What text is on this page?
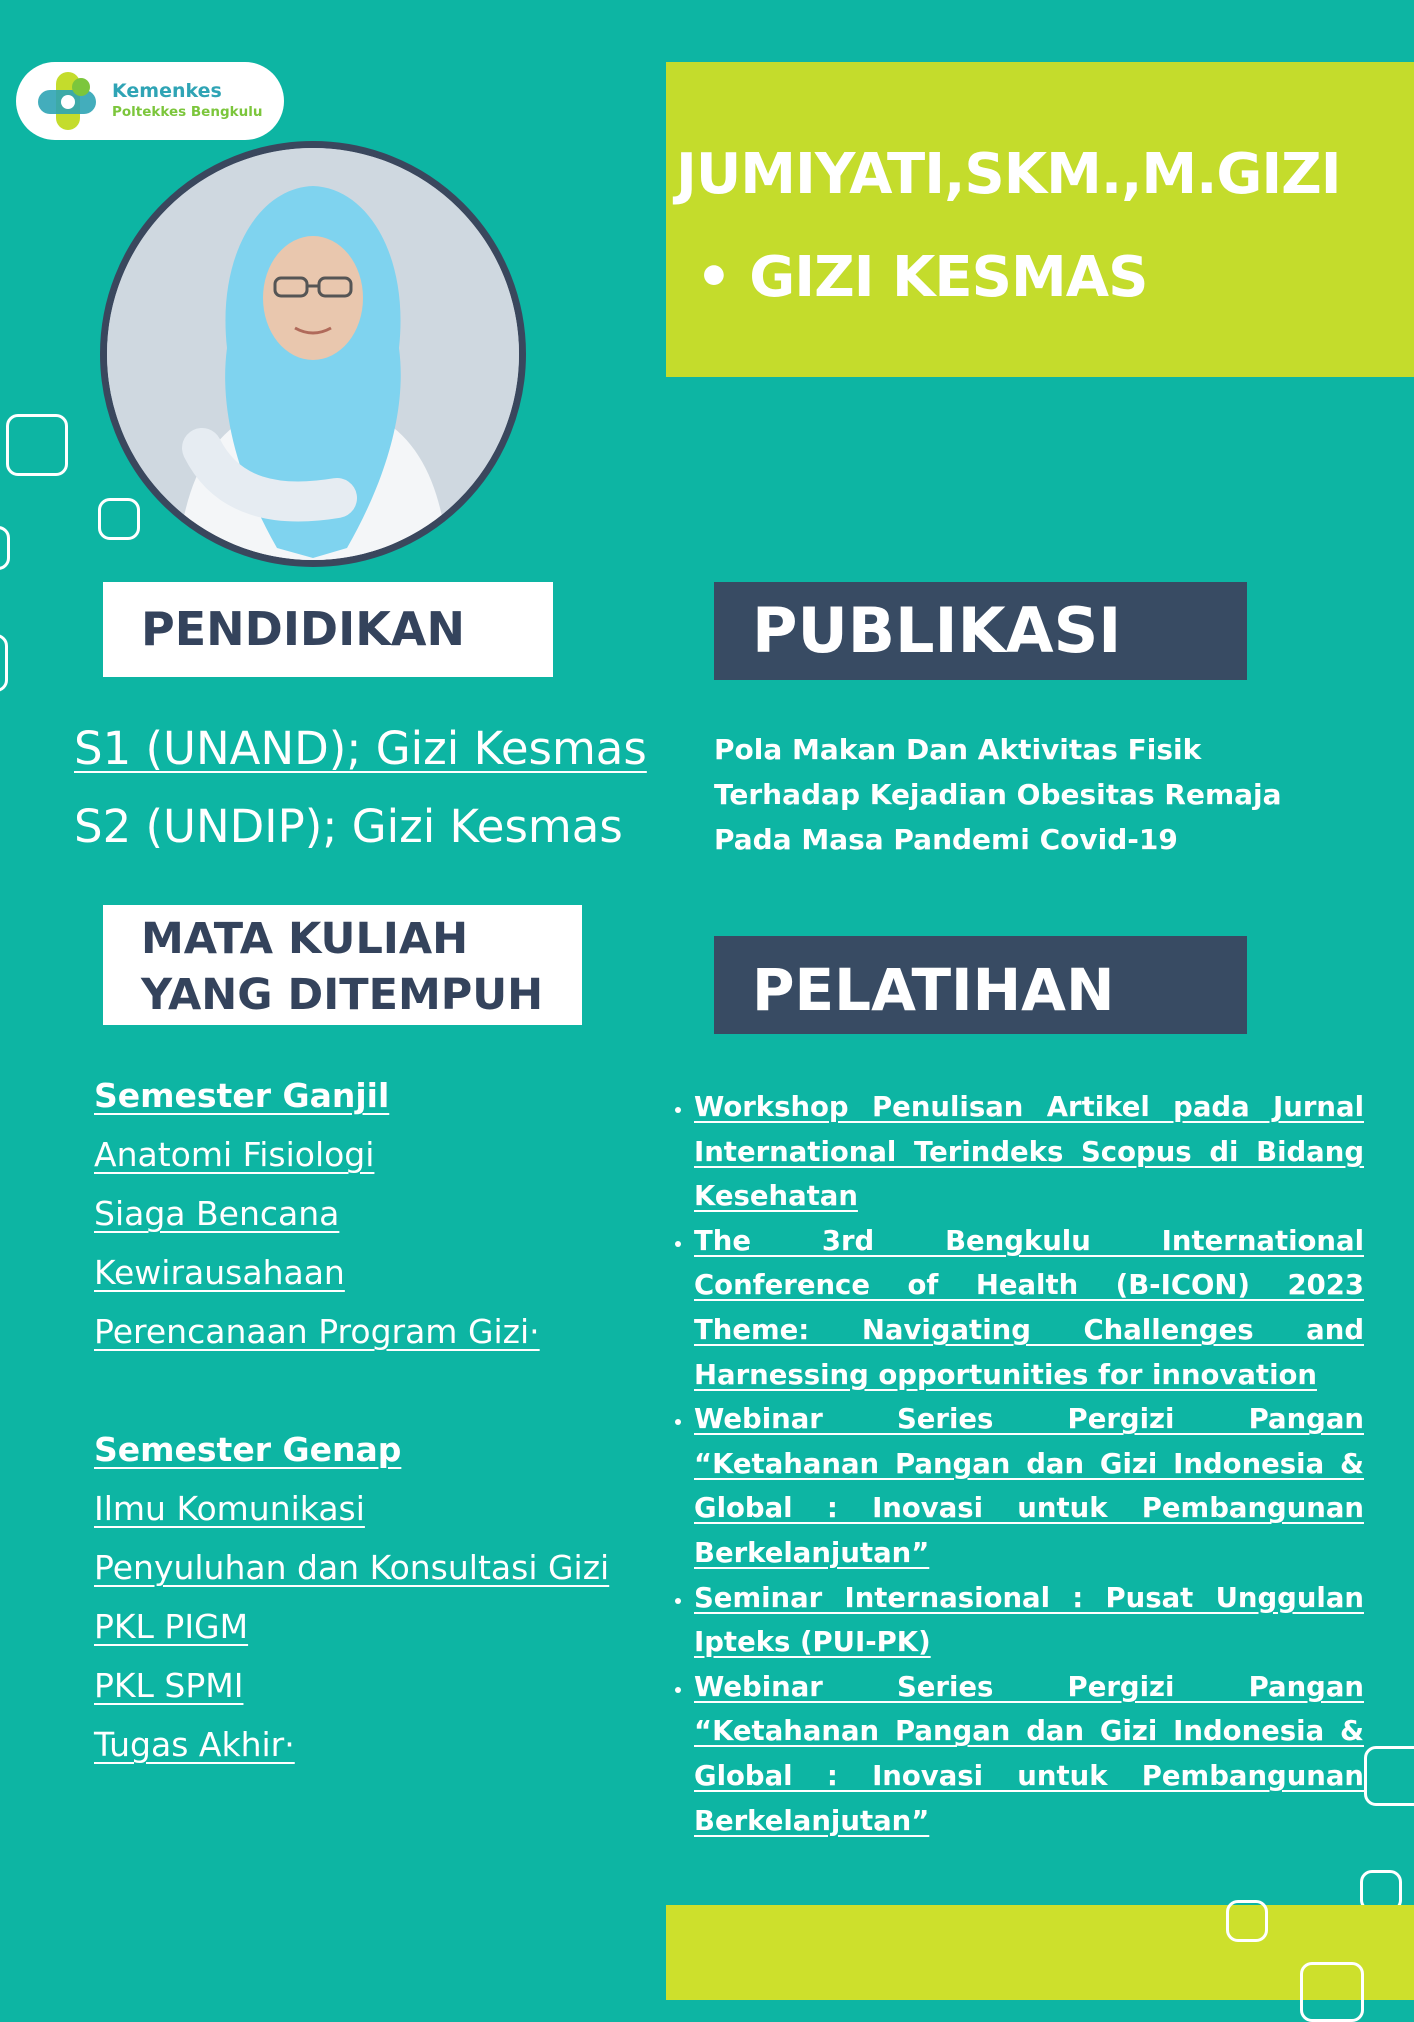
Kemenkes
Poltekkes Bengkulu
JUMIYATI,SKM.,M.GIZI
• GIZI KESMAS
PENDIDIKAN	PUBLIKASI
MATA KULIAH
YANG DITEMPUH	PELATIHAN
S1 (UNAND); Gizi Kesmas
S2 (UNDIP); Gizi Kesmas
Pola Makan Dan Aktivitas Fisik Terhadap Kejadian Obesitas Remaja Pada Masa Pandemi Covid-19
Semester Ganjil
Anatomi Fisiologi
Siaga Bencana
Kewirausahaan
Perencanaan Program Gizi·
Semester Genap
Ilmu Komunikasi
Penyuluhan dan Konsultasi Gizi
PKL PIGM
PKL SPMI
Tugas Akhir·
• Workshop Penulisan Artikel pada Jurnal International Terindeks Scopus di Bidang Kesehatan
• The 3rd Bengkulu International Conference of Health (B-ICON) 2023 Theme: Navigating Challenges and Harnessing opportunities for innovation
• Webinar Series Pergizi Pangan “Ketahanan Pangan dan Gizi Indonesia & Global : Inovasi untuk Pembangunan Berkelanjutan”
• Seminar Internasional : Pusat Unggulan Ipteks (PUI-PK)
• Webinar Series Pergizi Pangan “Ketahanan Pangan dan Gizi Indonesia & Global : Inovasi untuk Pembangunan Berkelanjutan”
